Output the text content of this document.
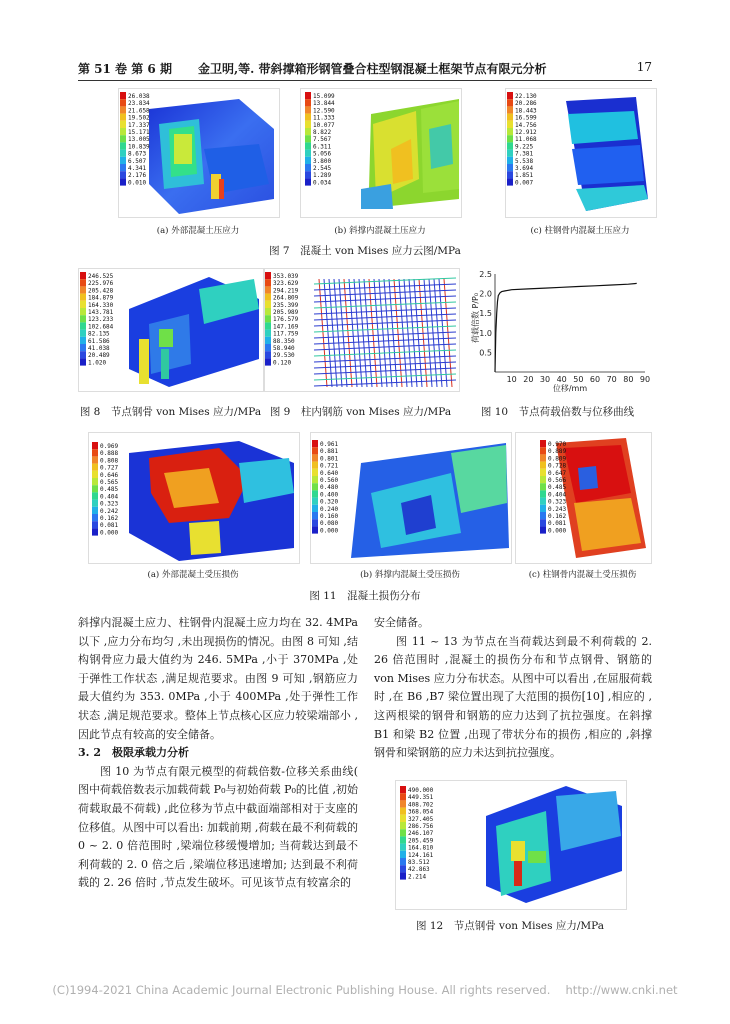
第 51 卷 第 6 期 金卫明,等. 带斜撑箱形钢管叠合柱型钢混凝土框架节点有限元分析	17
26.038
23.834
21.658
19.502
17.337
15.171
13.005
10.839
8.673
6.507
4.341
2.176
0.010
15.099
13.844
12.590
11.333
10.077
8.822
7.567
6.311
5.056
3.800
2.545
1.289
0.034
22.130
20.286
18.443
16.599
14.756
12.912
11.068
9.225
7.381
5.538
3.694
1.851
0.007
(a) 外部混凝土压应力	(b) 斜撑内混凝土压应力	(c) 柱钢骨内混凝土压应力
图 7　混凝土 von Mises 应力云图/MPa
246.525
225.976
205.428
184.879
164.330
143.781
123.233
102.684
82.135
61.586
41.038
20.489
1.020
353.039
323.629
294.219
264.809
235.399
205.989
176.579
147.169
117.759
88.350
58.940
29.530
0.120
10 20 30 40 50 60 70 80 90
0.5
1.0
1.5
2.0
2.5
荷载倍数 P/P₀
位移/mm
图 8　节点钢骨 von Mises 应力/MPa 图 9　柱内钢筋 von Mises 应力/MPa	图 10　节点荷载倍数与位移曲线
0.969
0.888
0.808
0.727
0.646
0.565
0.485
0.404
0.323
0.242
0.162
0.081
0.000
0.961
0.881
0.801
0.721
0.640
0.560
0.480
0.400
0.320
0.240
0.160
0.080
0.000
0.970
0.889
0.809
0.728
0.647
0.566
0.485
0.404
0.323
0.243
0.162
0.081
0.000
(a) 外部混凝土受压损伤	(b) 斜撑内混凝土受压损伤	(c) 柱钢骨内混凝土受压损伤
图 11　混凝土损伤分布

斜撑内混凝土应力、柱钢骨内混凝土应力均在 32. 4MPa 以下 ,应力分布均匀 ,未出现损伤的情况。由图 8 可知 ,结构钢骨应力最大值约为 246. 5MPa ,小于 370MPa ,处于弹性工作状态 ,满足规范要求。由图 9 可知 ,钢筋应力最大值约为 353. 0MPa ,小于 400MPa ,处于弹性工作状态 ,满足规范要求。整体上节点核心区应力较梁端部小 ,因此节点有较高的安全储备。

3. 2　极限承载力分析

图 10 为节点有限元模型的荷载倍数-位移关系曲线( 图中荷载倍数表示加载荷载 P₀与初始荷载 P₀的比值 ,初始荷载取最不荷载) ,此位移为节点中截面端部相对于支座的位移值。从图中可以看出: 加载前期 ,荷载在最不利荷载的 0 ~ 2. 0 倍范围时 ,梁端位移缓慢增加; 当荷载达到最不利荷载的 2. 0 倍之后 ,梁端位移迅速增加; 达到最不利荷载的 2. 26 倍时 ,节点发生破坏。可见该节点有较富余的

安全储备。

图 11 ~ 13 为节点在当荷载达到最不利荷载的 2. 26 倍范围时 ,混凝土的损伤分布和节点钢骨、钢筋的 von Mises 应力分布状态。从图中可以看出 ,在屈服荷载时 ,在 B6 ,B7 梁位置出现了大范围的损伤[10] ,相应的 ,这两根梁的钢骨和钢筋的应力达到了抗拉强度。在斜撑 B1 和梁 B2 位置 ,出现了带状分布的损伤 ,相应的 ,斜撑钢骨和梁钢筋的应力未达到抗拉强度。

490.000
449.351
408.702
368.054
327.405
286.756
246.107
205.459
164.810
124.161
83.512
42.863
2.214
图 12　节点钢骨 von Mises 应力/MPa
(C)1994-2021 China Academic Journal Electronic Publishing House. All rights reserved.　 http://www.cnki.net
